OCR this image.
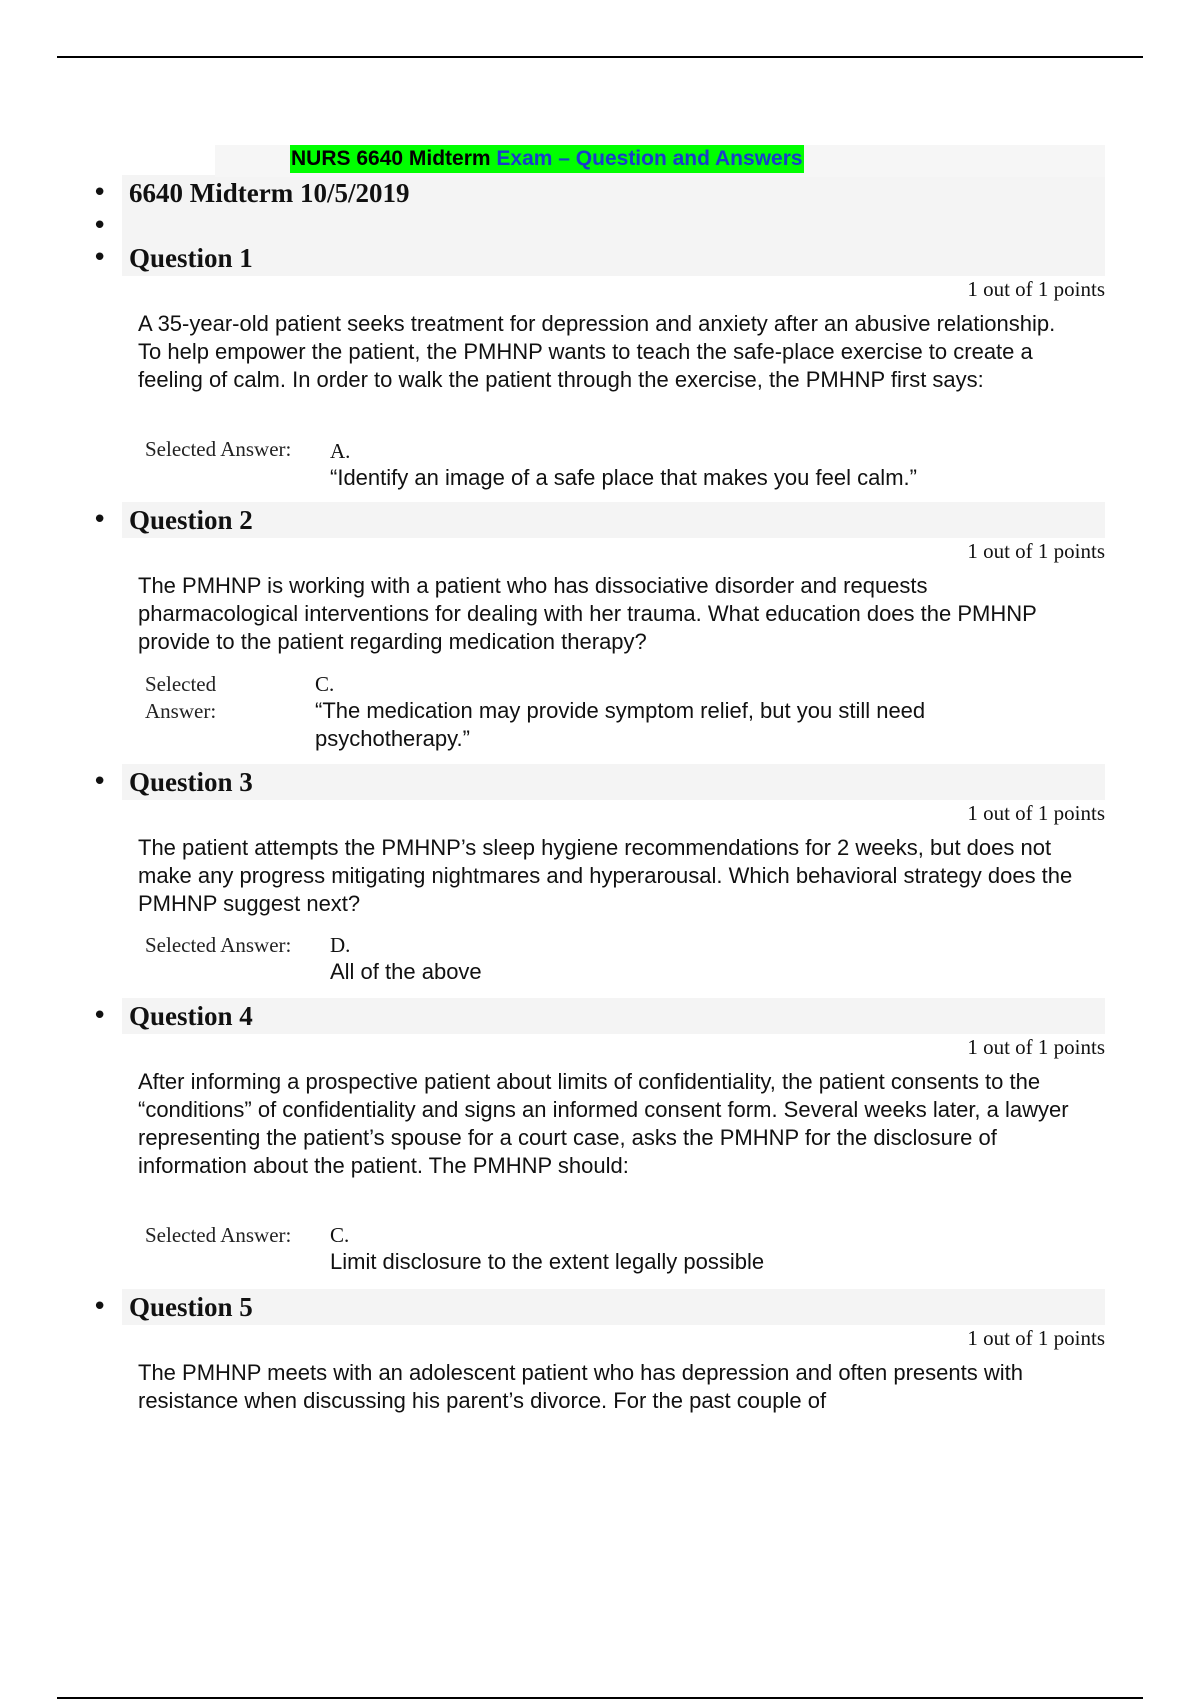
NURS 6640 Midterm Exam – Question and Answers
• 6640 Midterm 10/5/2019
•
• Question 1
1 out of 1 points

A 35-year-old patient seeks treatment for depression and anxiety after an abusive relationship. To help empower the patient, the PMHNP wants to teach the safe-place exercise to create a feeling of calm. In order to walk the patient through the exercise, the PMHNP first says:

Selected Answer: A.

“Identify an image of a safe place that makes you feel calm.”

• Question 2
1 out of 1 points

The PMHNP is working with a patient who has dissociative disorder and requests pharmacological interventions for dealing with her trauma. What education does the PMHNP provide to the patient regarding medication therapy?

Selected Answer:
C.

“The medication may provide symptom relief, but you still need psychotherapy.”

• Question 3
1 out of 1 points

The patient attempts the PMHNP’s sleep hygiene recommendations for 2 weeks, but does not make any progress mitigating nightmares and hyperarousal. Which behavioral strategy does the PMHNP suggest next?

Selected Answer: D.

All of the above

• Question 4
1 out of 1 points

After informing a prospective patient about limits of confidentiality, the patient consents to the “conditions” of confidentiality and signs an informed consent form. Several weeks later, a lawyer representing the patient’s spouse for a court case, asks the PMHNP for the disclosure of information about the patient. The PMHNP should:

Selected Answer: C.

Limit disclosure to the extent legally possible

• Question 5
1 out of 1 points

The PMHNP meets with an adolescent patient who has depression and often presents with resistance when discussing his parent’s divorce. For the past couple of
